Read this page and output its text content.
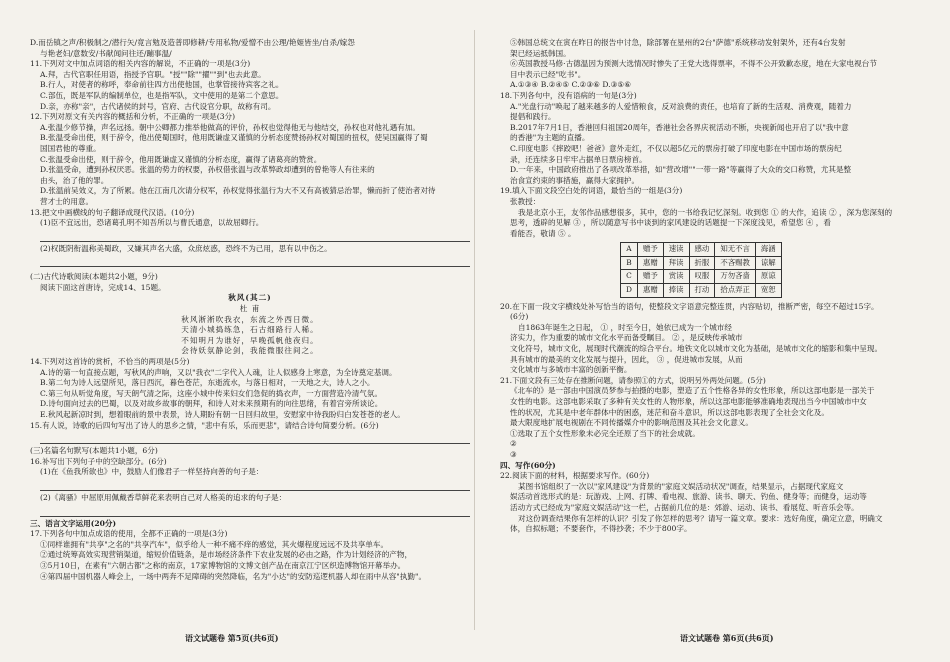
D.而岳镇之声/积极制之/潜行矢/竟言勉及造普即修耕/专用私物/爱憎不由公理/艳姬皆坐/自杀/嫁怨
与艳老妇/意数安/书献闻问往还/蹦事温/
11.下列对文中加点词语的相关内容的解说，不正确的一项是(3分)
A.拜，古代官职任用语，指授予官职。"授""除""擢""到"也去此意。
B.行人，对使者的称呼，奉命前往四方出使他国，也掌管接待宾客之礼。
C.部伍，既是军队的编制单位，也是指军队，文中使用的是第二个意思。
D.亲，亦称"亲"，古代诸侯的封号，官府、古代设官分职，故称有司。
12.下列对原文有关内容的概括和分析，不正确的一项是(3分)
A.张温少修节操，声名远扬。朝中公卿都力推举他做高的评价，孙权也觉得他无与他结交，孙权也对他礼遇有加。
B.张温受命出使，则于辞令，他出使蜀国时，他用既谦虚又谨慎的分析态度赞扬孙权对蜀国的扭权，使吴国赢得了蜀
国国君他的尊重。
C.张温受命出使，则于辞令，他用既谦虚又谨慎的分析态度，赢得了诸葛亮的赞赏。
D.张温受命，遭到孙权厌恶。张温的势力的权要，孙权借张温与改革弊政却遭到的曾艳等人有往来的
由头，治了他的罪。
D.张温前吴效义，为了所累。他在江南几次请分权军，孙权觉得张温行为大不又有高被猜忌治罪，懒而折了使治者对待
营才士的用意。
13.把文中画横线的句子翻译成现代汉语。(10分)
(1)臣不宜远出，恐诸葛孔明不知吾所以与曹氏通意，以故屈卿行。
(2)权既阴衔温称美蜀政，又嫌其声名大盛，众庶炫惑，恐终不为己用，思有以中伤之。
(二)古代诗歌阅读(本题共2小题，9分)
阅读下面这首唐诗，完成14、15题。
秋风(其二)
杜 甫
秋风淅淅吹我衣，东流之外西日微。
天清小城捣练急，石古细路行人稀。
不知明月为谁好，早晚孤帆他夜归。
会待妖氛静论剑，我能微服往间之。
14.下列对这首诗的赏析，不恰当的两项是(5分)
A.诗的第一句直接点题，写秋风的声响，又以"我衣"二字代入人魂，让人似感身上寒意，为全诗奠定基调。
B.第二句为诗人远望所见，落日西沉，暮色苍茫，东逝流水，与落日相对，一天地之大，诗人之小。
C.第三句从听觉角度，写天朗气清之际，这座小城中传来妇女们急促的捣衣声，一方面营造冷清气氛。
D.诗句面向过去的巴蜀，以及对故乡故事的朝拜，和诗人对未来预期有的向往思绪，有着宫旁所谈论。
E.秋风起新凉时到，想着眼前的景中表景，诗人期盼有朝一日回归故里，安慰家中待我盼归白发苍苍的老人。
15.有人说，诗歌的后四句写出了诗人的思乡之情，"悲中有乐，乐而更悲"，请结合诗句简要分析。(6分)
(三)名篇名句默写(本题共1小题，6分)
16.补写出下列句子中的空缺部分。(6分)
(1)在《鱼我所欲也》中，鼓励人们像君子一样坚持向善的句子是：
(2)《离骚》中屈原用佩戴香草鲜花来表明自己对人格美的追求的句子是：
三、语言文字运用(20分)
17.下列各句中加点成语的使用，全都不正确的一项是(3分)
①同样谁拥有"共享"之名的"共享汽车"，似乎给人一种不痛不痒的感觉，其火爆程度远远不及共享单车。
②通过统筹高效实现营销渠道，缩短价值链条，是市场经济条件下农业发展的必由之路，作为计划经济的产物，
③5月10日，在素有"六朝古都"之称的南京，17家博物馆的文博文创产品在南京江宁区织造博物馆开幕举办。
④第四届中国机器人峰会上，一场中两奔不足障碍的突然降临，名为"小达"的安防巡逻机器人却在雨中从容"执勤"。
⑤韩国总统文在寅在昨日的报告中讨急，除部署在星州的2台"萨德"系统移动发射架外，还有4台发射
架已经运抵韩国。
⑥英国教授马修·古德温因为预测大选情况时惨失了王党大选得票率，不得不公开致歉态度，地在大家电视台节
目中表示已经"吃书"。
A.①③④ B.②④⑤ C.②③⑥ D.③⑤⑥
18.下列各句中，没有语病的一句是(3分)
A."光盘行动"唤起了越来越多的人爱惜粮食，反对浪费的责任，也培育了新的生活观、消费观，随着力
提倡和践行。
B.2017年7月1日，香港回归祖国20周年，香港社会各界庆祝活动不断，央视新闻也开启了以"我中意
的香港"为主题的直播。
C.印度电影《摔跤吧！爸爸》意外走红，不仅以超5亿元的票房打破了印度电影在中国市场的票房纪
录，还连续多日牢牢占据单日票房榜首。
D.一年来，中国政府推出了各项改革举措，如"营改增""一带一路"等赢得了大众的交口称赞，尤其是整
治食宣约束的事措施，赢得大家拥护。
19.填入下面文段空白处的词语，最恰当的一组是(3分)
张教授：
我是北京小王，友邻作品感想很多，其中，您的一书给我记忆深刻。收到您 ① 的大作，追读 ② ，深为您深刻的
思考，透辟的见解 ③ ，所以随意写书中谈到的家风建设的话题提一下深度浅见，希望您 ④ ，看
看能否，敬请 ⑤ 。
A	赠予	速读	感动	知无不言	海涵
B	惠赠	拜读	折服	不吝赐教	谅解
C	赠予	赏读	叹服	万勿吝啬	原谅
D	惠赠	捧读	打动	拾点弄正	宽恕
20.在下面一段文字横线处补写恰当的语句，使整段文字语意完整连贯，内容贴切，推断严密，每空不超过15字。
(6分)
自1863年诞生之日起， ① ，时至今日，她依已成为一个城市经
济实力，作为重要的城市文化水平而备受瞩目。 ② ，是反映传承城市
文化符号，城市文化，展现时代潮流的综合平台。地铁文化以城市文化为基础，是城市文化的缩影和集中呈现。
具有城市的最美的文化发展与提升，因此， ③ ，促进城市发展，从而
文化城市与多城市丰富的创新平衡。
21.下面文段有三处存在推断问题，请参照①的方式，说明另外两处问题。(5分)
《北车的》是一部由中国演员梦参与拍摄的电影，塑造了五个性格各异的女性形象，所以这部电影是一部关于
女性的电影。这部电影采取了多种有关女性的人物形象，所以这部电影能够准确地表现出当今中国城市中女
性的状况，尤其是中老年群体中的困惑，迷茫和奋斗意识，所以这部电影表现了全社会文化及。
最大限度地扩展电视剧在不同传播媒介中的影响范围及其社会文化意义。
①选取了五个女性形象未必完全还原了当下的社会成就。
②
③
四、写作(60分)
22.阅读下面的材料，根据要求写作。(60分)
某图书馆组织了一次以"家风建设"为背景的"家庭文娱活动状况"调查，结果显示，占据现代家庭文
娱活动首选形式的是：玩游戏、上网、打牌、看电视、旅游、读书、聊天、钓鱼、健身等；而健身，运动等
活动方式已经成为"家庭文娱活动"这一栏，占据前几位的是：郊游、运动、读书、看展览、听音乐会等。
对这份调查结果你有怎样的认识？引发了你怎样的思考？请写一篇文章。要求：选好角度，确定立意，明确文
体，自拟标题；不要套作，不得抄袭；不少于800字。
语文试题卷 第5页(共6页)	语文试题卷 第6页(共6页)
